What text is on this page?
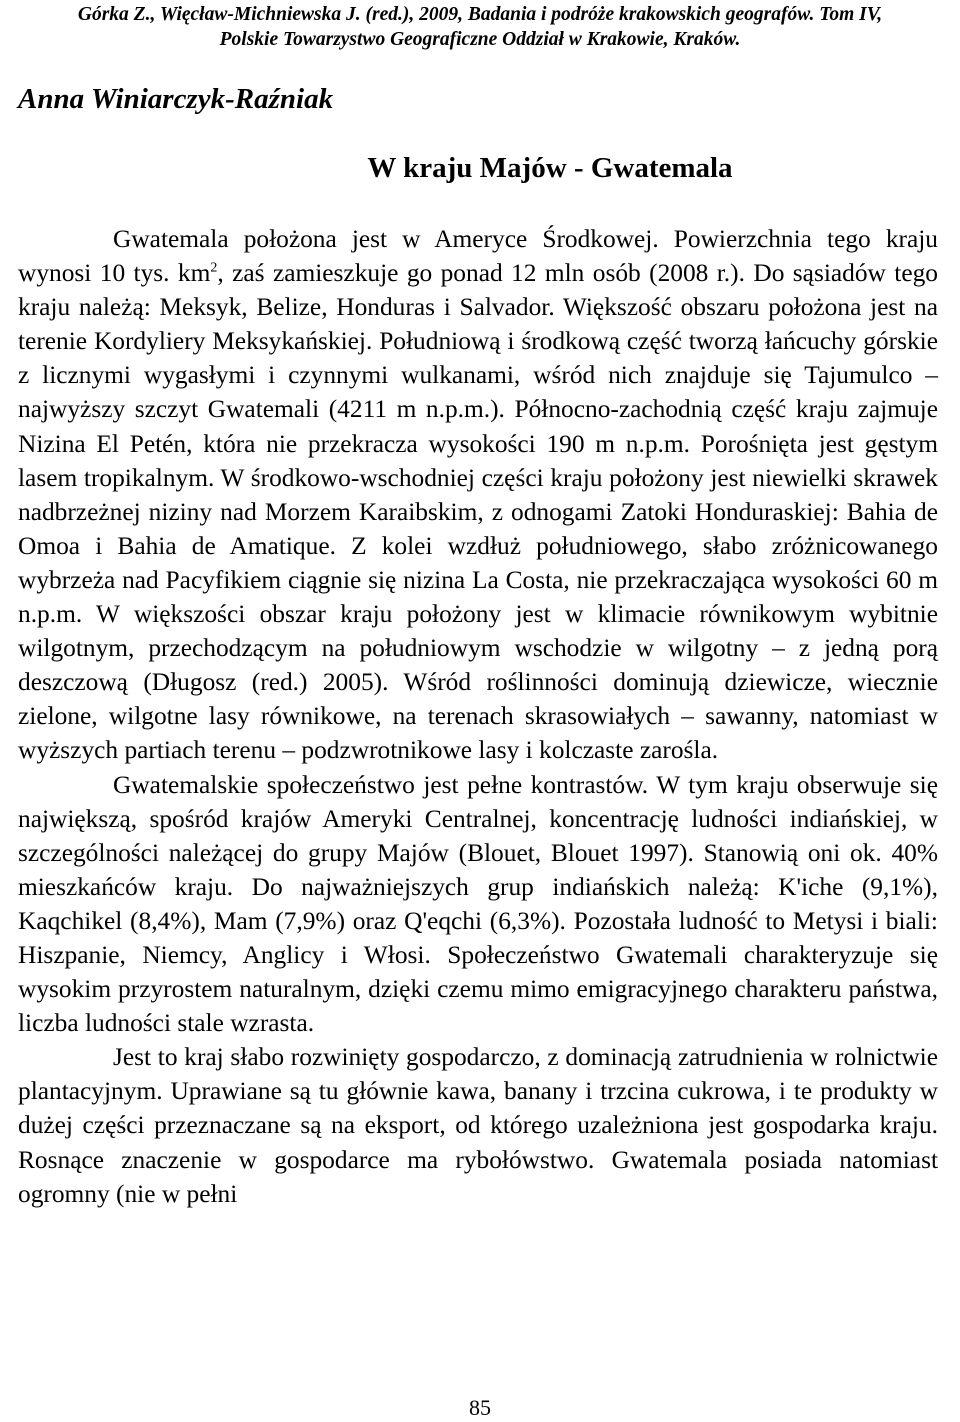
Górka Z., Więcław-Michniewska J. (red.), 2009, Badania i podróże krakowskich geografów. Tom IV,
Polskie Towarzystwo Geograficzne Oddział w Krakowie, Kraków.
Anna Winiarczyk-Raźniak
W kraju Majów - Gwatemala

Gwatemala położona jest w Ameryce Środkowej. Powierzchnia tego kraju wynosi 10 tys. $km^2$, zaś zamieszkuje go ponad 12 mln osób (2008 r.). Do sąsiadów tego kraju należą: Meksyk, Belize, Honduras i Salvador. Większość obszaru położona jest na terenie Kordyliery Meksykańskiej. Południową i środkową część tworzą łańcuchy górskie z licznymi wygasłymi i czynnymi wulkanami, wśród nich znajduje się Tajumulco – najwyższy szczyt Gwatemali (4211 m n.p.m.). Północno-zachodnią część kraju zajmuje Nizina El Petén, która nie przekracza wysokości 190 m n.p.m. Porośnięta jest gęstym lasem tropikalnym. W środkowo-wschodniej części kraju położony jest niewielki skrawek nadbrzeżnej niziny nad Morzem Karaibskim, z odnogami Zatoki Honduraskiej: Bahia de Omoa i Bahia de Amatique. Z kolei wzdłuż południowego, słabo zróżnicowanego wybrzeża nad Pacyfikiem ciągnie się nizina La Costa, nie przekraczająca wysokości 60 m n.p.m. W większości obszar kraju położony jest w klimacie równikowym wybitnie wilgotnym, przechodzącym na południowym wschodzie w wilgotny – z jedną porą deszczową (Długosz (red.) 2005). Wśród roślinności dominują dziewicze, wiecznie zielone, wilgotne lasy równikowe, na terenach skrasowiałych – sawanny, natomiast w wyższych partiach terenu – podzwrotnikowe lasy i kolczaste zarośla.

Gwatemalskie społeczeństwo jest pełne kontrastów. W tym kraju obserwuje się największą, spośród krajów Ameryki Centralnej, koncentrację ludności indiańskiej, w szczególności należącej do grupy Majów (Blouet, Blouet 1997). Stanowią oni ok. 40% mieszkańców kraju. Do najważniejszych grup indiańskich należą: K'iche (9,1%), Kaqchikel (8,4%), Mam (7,9%) oraz Q'eqchi (6,3%). Pozostała ludność to Metysi i biali: Hiszpanie, Niemcy, Anglicy i Włosi. Społeczeństwo Gwatemali charakteryzuje się wysokim przyrostem naturalnym, dzięki czemu mimo emigracyjnego charakteru państwa, liczba ludności stale wzrasta.

Jest to kraj słabo rozwinięty gospodarczo, z dominacją zatrudnienia w rolnictwie plantacyjnym. Uprawiane są tu głównie kawa, banany i trzcina cukrowa, i te produkty w dużej części przeznaczane są na eksport, od którego uzależniona jest gospodarka kraju. Rosnące znaczenie w gospodarce ma rybołówstwo. Gwatemala posiada natomiast ogromny (nie w pełni

85
